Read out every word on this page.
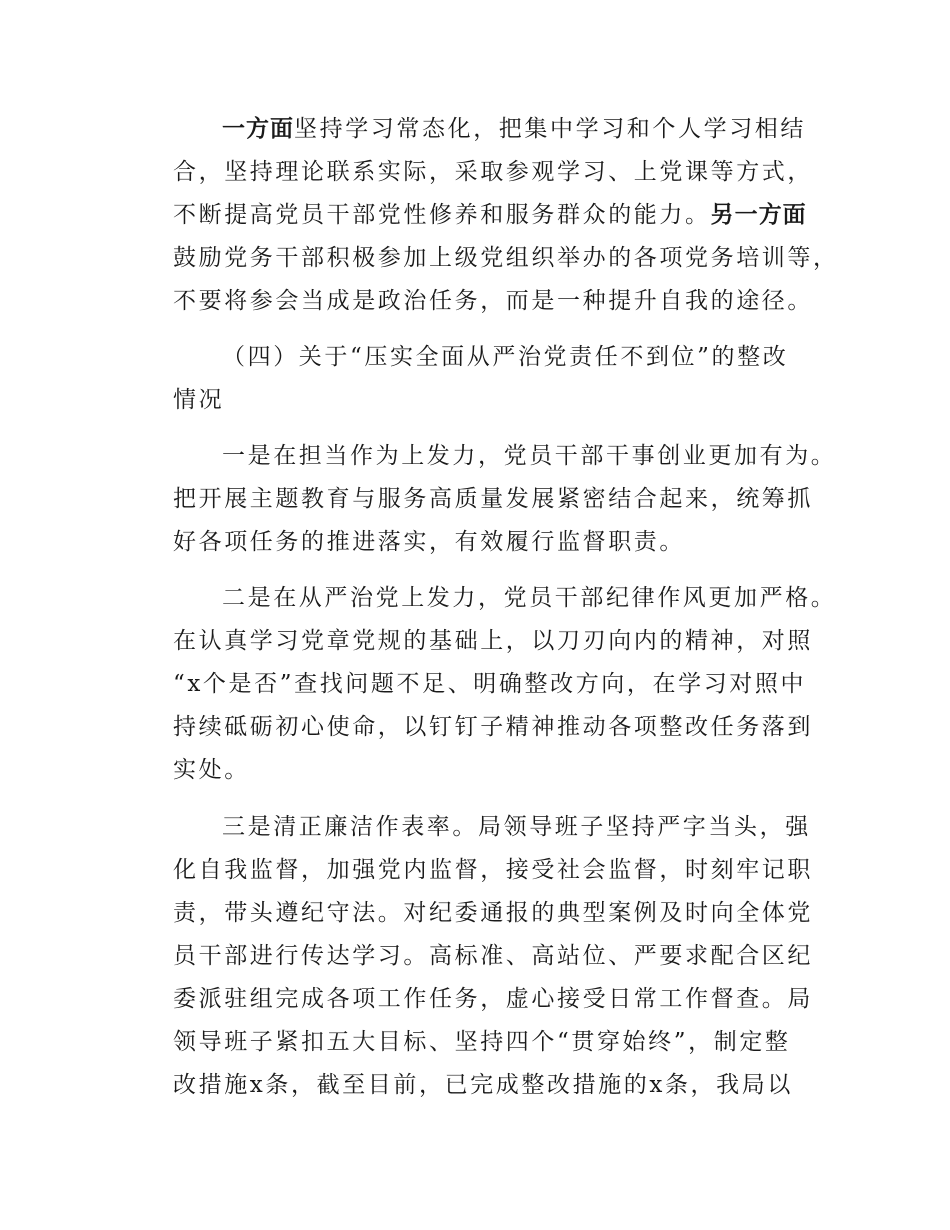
一方面坚持学习常态化，把集中学习和个人学习相结
合，坚持理论联系实际，采取参观学习、上党课等方式，
不断提高党员干部党性修养和服务群众的能力。另一方面
鼓励党务干部积极参加上级党组织举办的各项党务培训等，
不要将参会当成是政治任务，而是一种提升自我的途径。
（四）关于“压实全面从严治党责任不到位”的整改
情况
一是在担当作为上发力，党员干部干事创业更加有为。
把开展主题教育与服务高质量发展紧密结合起来，统筹抓
好各项任务的推进落实，有效履行监督职责。
二是在从严治党上发力，党员干部纪律作风更加严格。
在认真学习党章党规的基础上，以刀刃向内的精神，对照
“x个是否”查找问题不足、明确整改方向，在学习对照中
持续砥砺初心使命，以钉钉子精神推动各项整改任务落到
实处。
三是清正廉洁作表率。局领导班子坚持严字当头，强
化自我监督，加强党内监督，接受社会监督，时刻牢记职
责，带头遵纪守法。对纪委通报的典型案例及时向全体党
员干部进行传达学习。高标准、高站位、严要求配合区纪
委派驻组完成各项工作任务，虚心接受日常工作督查。局
领导班子紧扣五大目标、坚持四个“贯穿始终”，制定整
改措施x条，截至目前，已完成整改措施的x条，我局以
